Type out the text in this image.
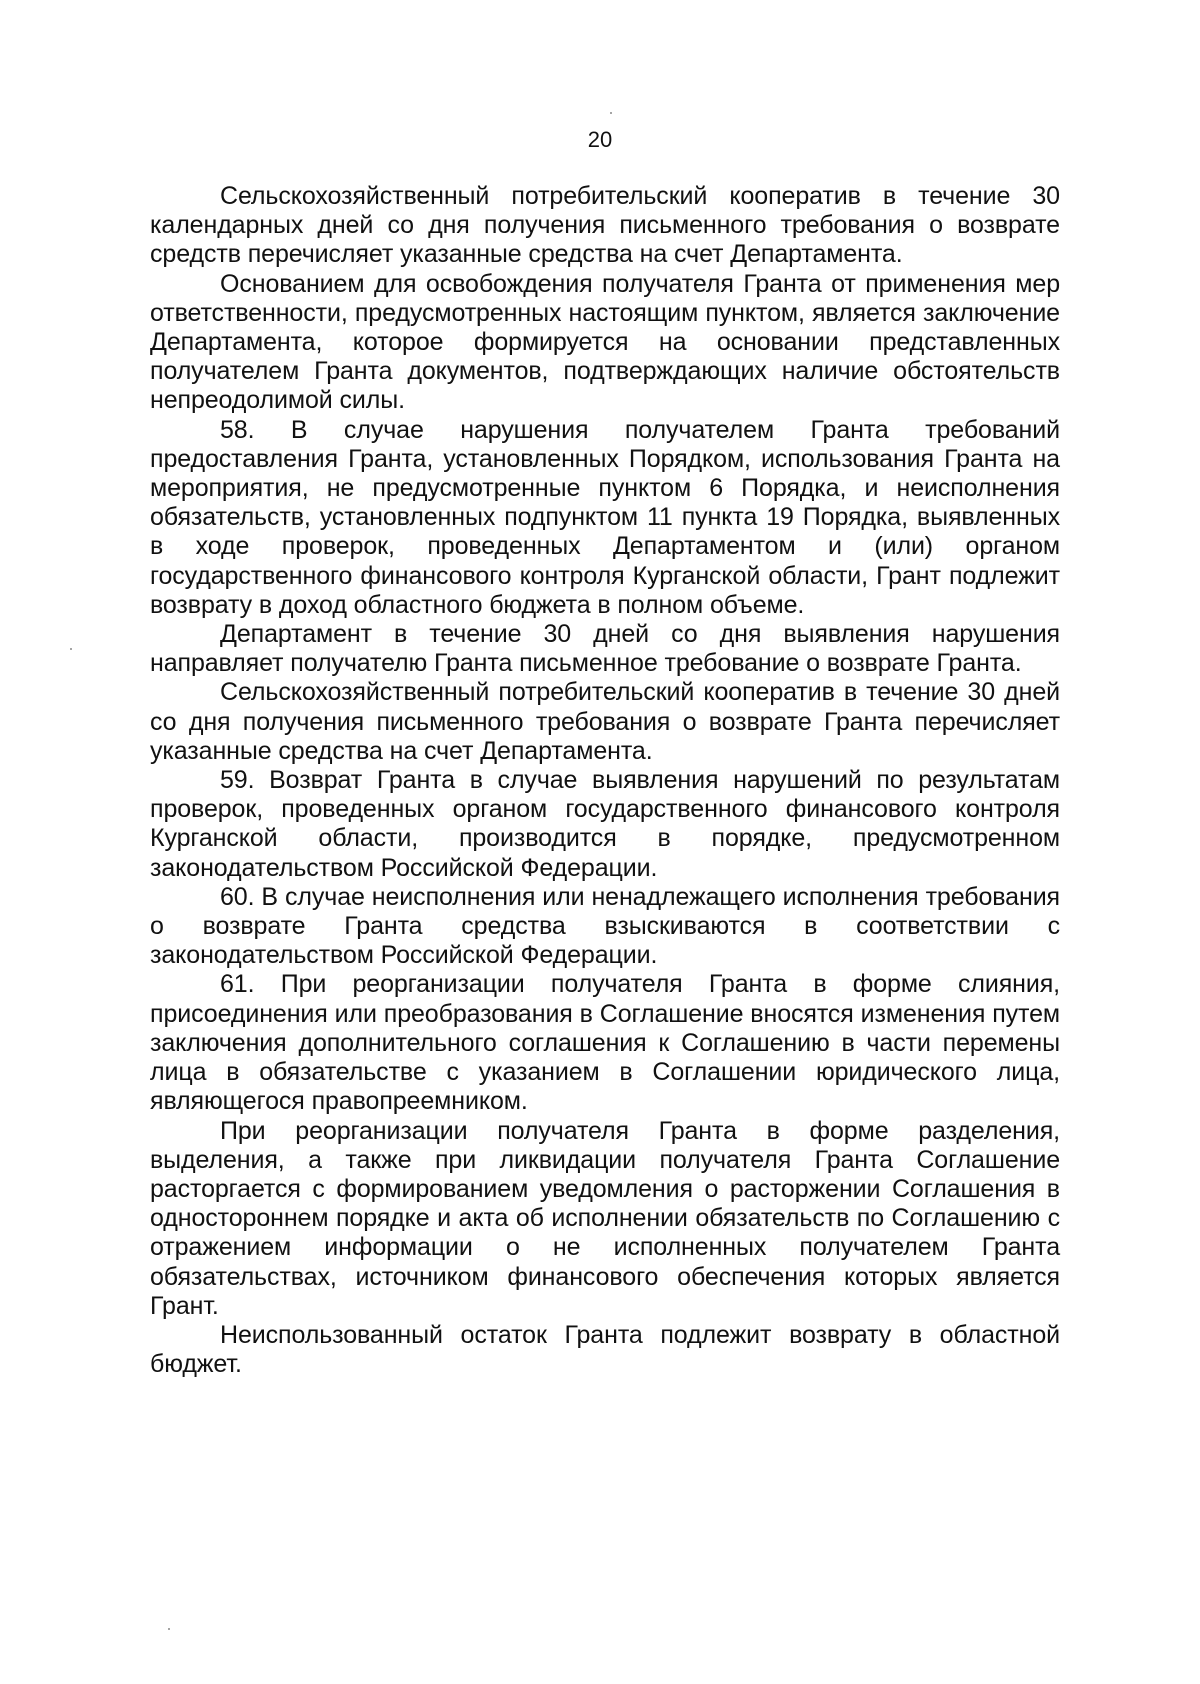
20

Сельскохозяйственный потребительский кооператив в течение 30 календарных дней со дня получения письменного требования о возврате средств перечисляет указанные средства на счет Департамента.

Основанием для освобождения получателя Гранта от применения мер ответственности, предусмотренных настоящим пунктом, является заключение Департамента, которое формируется на основании представленных получателем Гранта документов, подтверждающих наличие обстоятельств непреодолимой силы.

58. В случае нарушения получателем Гранта требований предоставления Гранта, установленных Порядком, использования Гранта на мероприятия, не предусмотренные пунктом 6 Порядка, и неисполнения обязательств, установленных подпунктом 11 пункта 19 Порядка, выявленных в ходе проверок, проведенных Департаментом и (или) органом государственного финансового контроля Курганской области, Грант подлежит возврату в доход областного бюджета в полном объеме.

Департамент в течение 30 дней со дня выявления нарушения направляет получателю Гранта письменное требование о возврате Гранта.

Сельскохозяйственный потребительский кооператив в течение 30 дней со дня получения письменного требования о возврате Гранта перечисляет указанные средства на счет Департамента.

59. Возврат Гранта в случае выявления нарушений по результатам проверок, проведенных органом государственного финансового контроля Курганской области, производится в порядке, предусмотренном законодательством Российской Федерации.

60. В случае неисполнения или ненадлежащего исполнения требования о возврате Гранта средства взыскиваются в соответствии с законодательством Российской Федерации.

61. При реорганизации получателя Гранта в форме слияния, присоединения или преобразования в Соглашение вносятся изменения путем заключения дополнительного соглашения к Соглашению в части перемены лица в обязательстве с указанием в Соглашении юридического лица, являющегося правопреемником.

При реорганизации получателя Гранта в форме разделения, выделения, а также при ликвидации получателя Гранта Соглашение расторгается с формированием уведомления о расторжении Соглашения в одностороннем порядке и акта об исполнении обязательств по Соглашению с отражением информации о не исполненных получателем Гранта обязательствах, источником финансового обеспечения которых является Грант.

Неиспользованный остаток Гранта подлежит возврату в областной бюджет.
